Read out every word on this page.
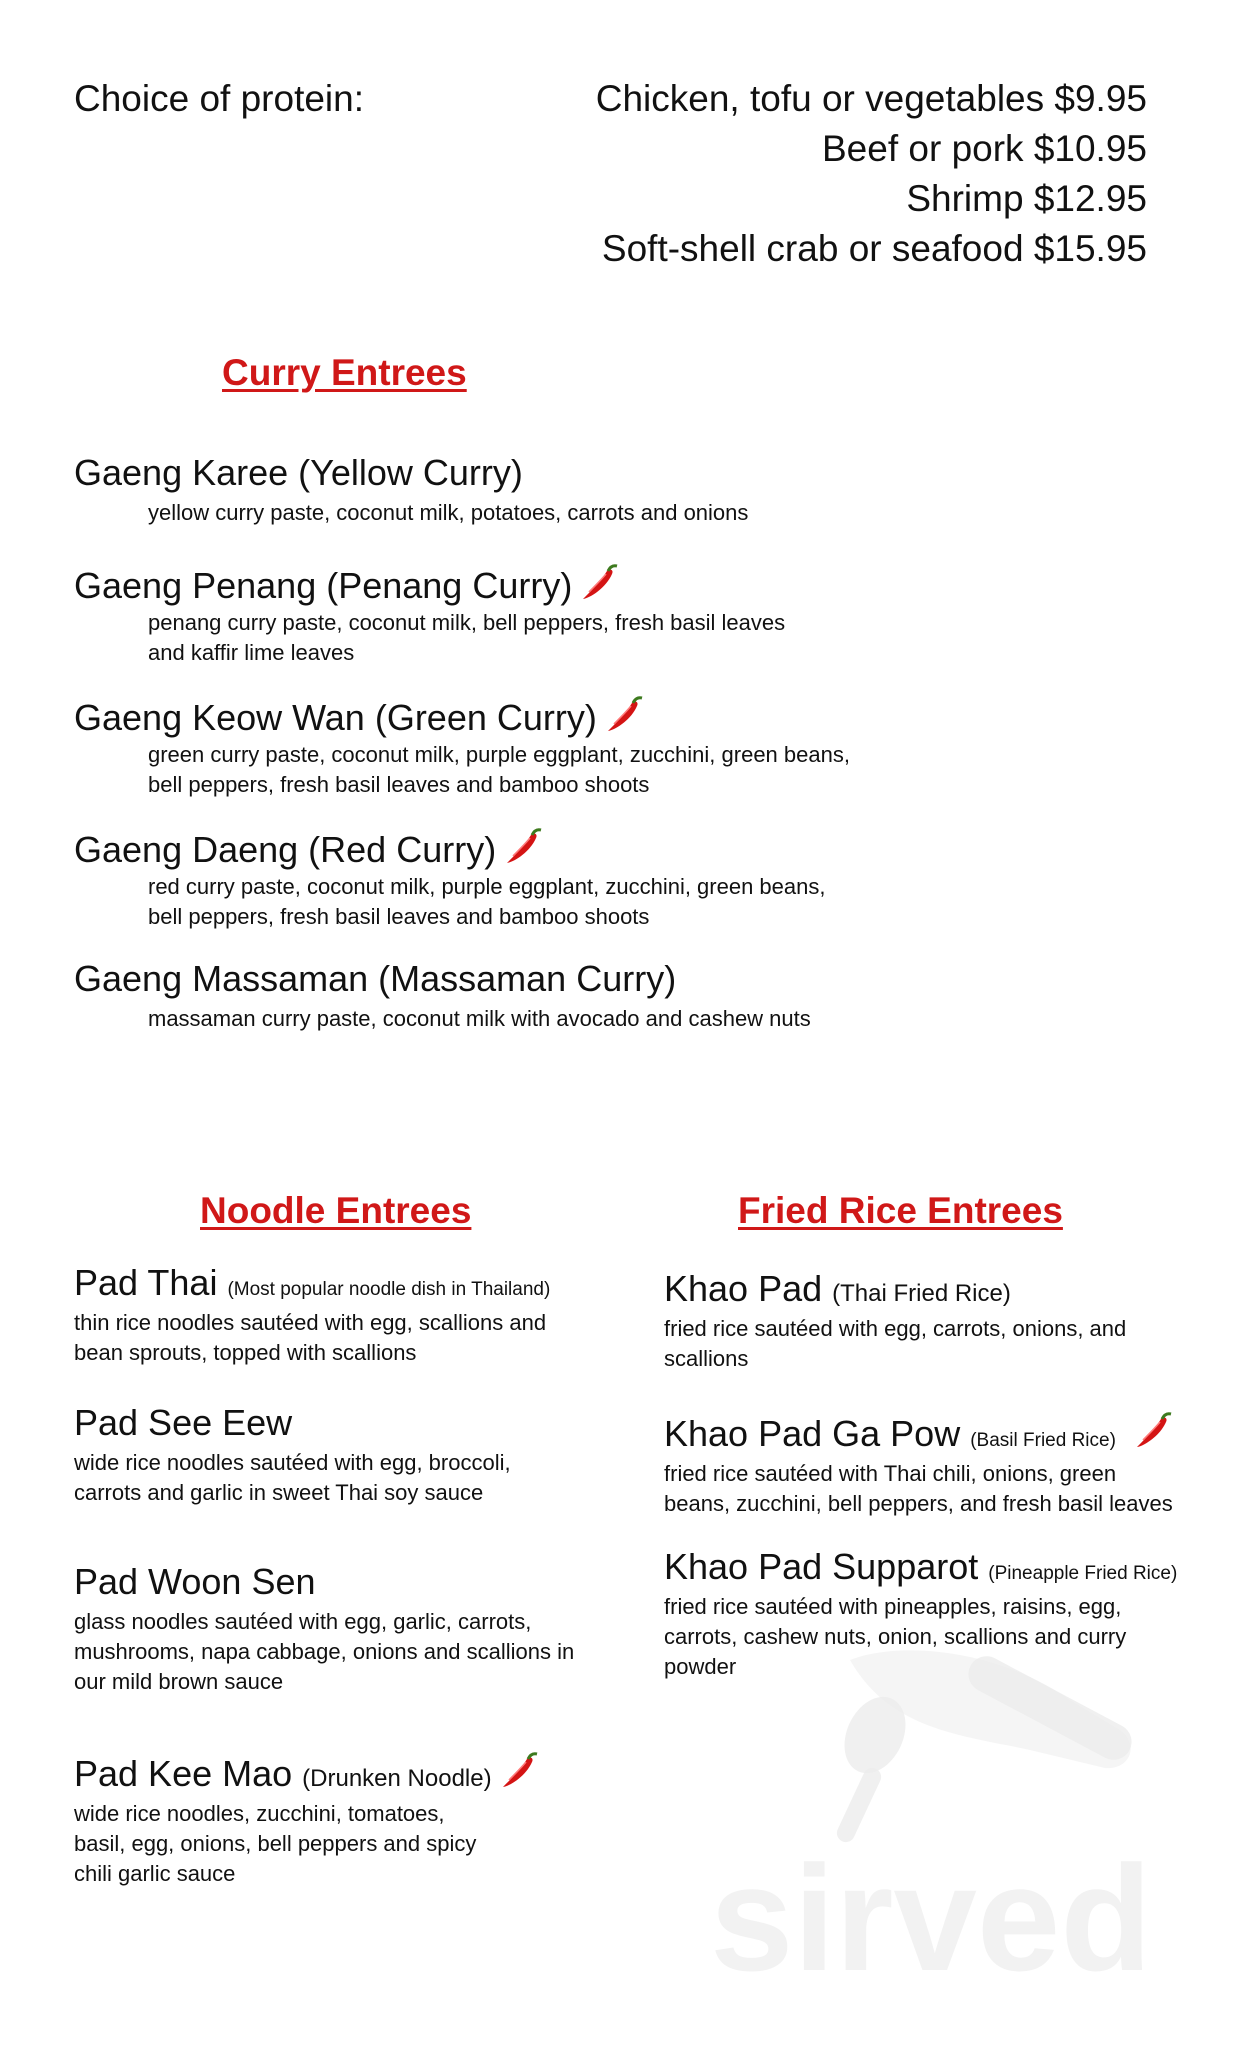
Choice of protein:	Chicken, tofu or vegetables $9.95
Beef or pork $10.95
Shrimp $12.95
Soft-shell crab or seafood $15.95
Curry Entrees
Gaeng Karee (Yellow Curry)
yellow curry paste, coconut milk, potatoes, carrots and onions
Gaeng Penang (Penang Curry)
penang curry paste, coconut milk, bell peppers, fresh basil leaves
and kaffir lime leaves
Gaeng Keow Wan (Green Curry)
green curry paste, coconut milk, purple eggplant, zucchini, green beans,
bell peppers, fresh basil leaves and bamboo shoots
Gaeng Daeng (Red Curry)
red curry paste, coconut milk, purple eggplant, zucchini, green beans,
bell peppers, fresh basil leaves and bamboo shoots
Gaeng Massaman (Massaman Curry)
massaman curry paste, coconut milk with avocado and cashew nuts
Noodle Entrees
Pad Thai (Most popular noodle dish in Thailand)
thin rice noodles sautéed with egg, scallions and
bean sprouts, topped with scallions
Pad See Eew
wide rice noodles sautéed with egg, broccoli,
carrots and garlic in sweet Thai soy sauce
Pad Woon Sen
glass noodles sautéed with egg, garlic, carrots,
mushrooms, napa cabbage, onions and scallions in
our mild brown sauce
Pad Kee Mao (Drunken Noodle)
wide rice noodles, zucchini, tomatoes,
basil, egg, onions, bell peppers and spicy
chili garlic sauce
Fried Rice Entrees
Khao Pad (Thai Fried Rice)
fried rice sautéed with egg, carrots, onions, and
scallions
Khao Pad Ga Pow (Basil Fried Rice)
fried rice sautéed with Thai chili, onions, green
beans, zucchini, bell peppers, and fresh basil leaves
Khao Pad Supparot (Pineapple Fried Rice)
fried rice sautéed with pineapples, raisins, egg,
carrots, cashew nuts, onion, scallions and curry
powder
sirved
